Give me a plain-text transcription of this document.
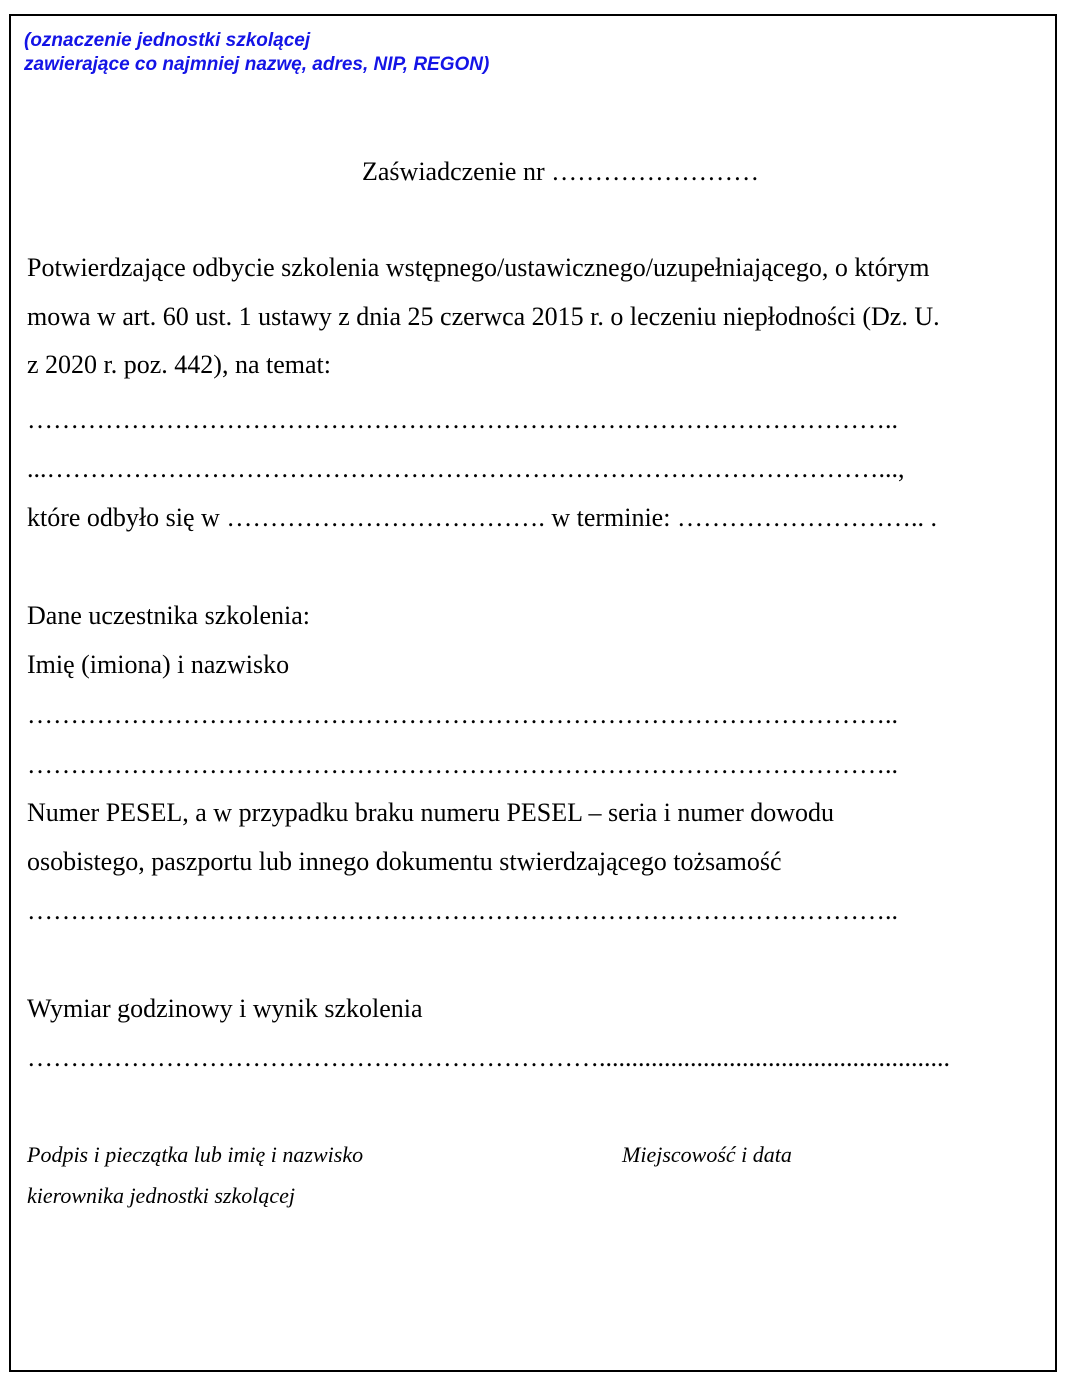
(oznaczenie jednostki szkolącej
zawierające co najmniej nazwę, adres, NIP, REGON)
Zaświadczenie nr ……………………
Potwierdzające odbycie szkolenia wstępnego/ustawicznego/uzupełniającego, o którym
mowa w art. 60 ust. 1 ustawy z dnia 25 czerwca 2015 r. o leczeniu niepłodności (Dz. U.
z 2020 r. poz. 442), na temat:
………………………………………………………………………………………..
...……………………………………………………………………………………...,
które odbyło się w ………………………………. w terminie: ……………………….. .
Dane uczestnika szkolenia:
Imię (imiona) i nazwisko
………………………………………………………………………………………..
………………………………………………………………………………………..
Numer PESEL, a w przypadku braku numeru PESEL – seria i numer dowodu
osobistego, paszportu lub innego dokumentu stwierdzającego tożsamość
………………………………………………………………………………………..
Wymiar godzinowy i wynik szkolenia
…………………………………………………………......................................................
Podpis i pieczątka lub imię i nazwisko
kierownika jednostki szkolącej
Miejscowość i data
